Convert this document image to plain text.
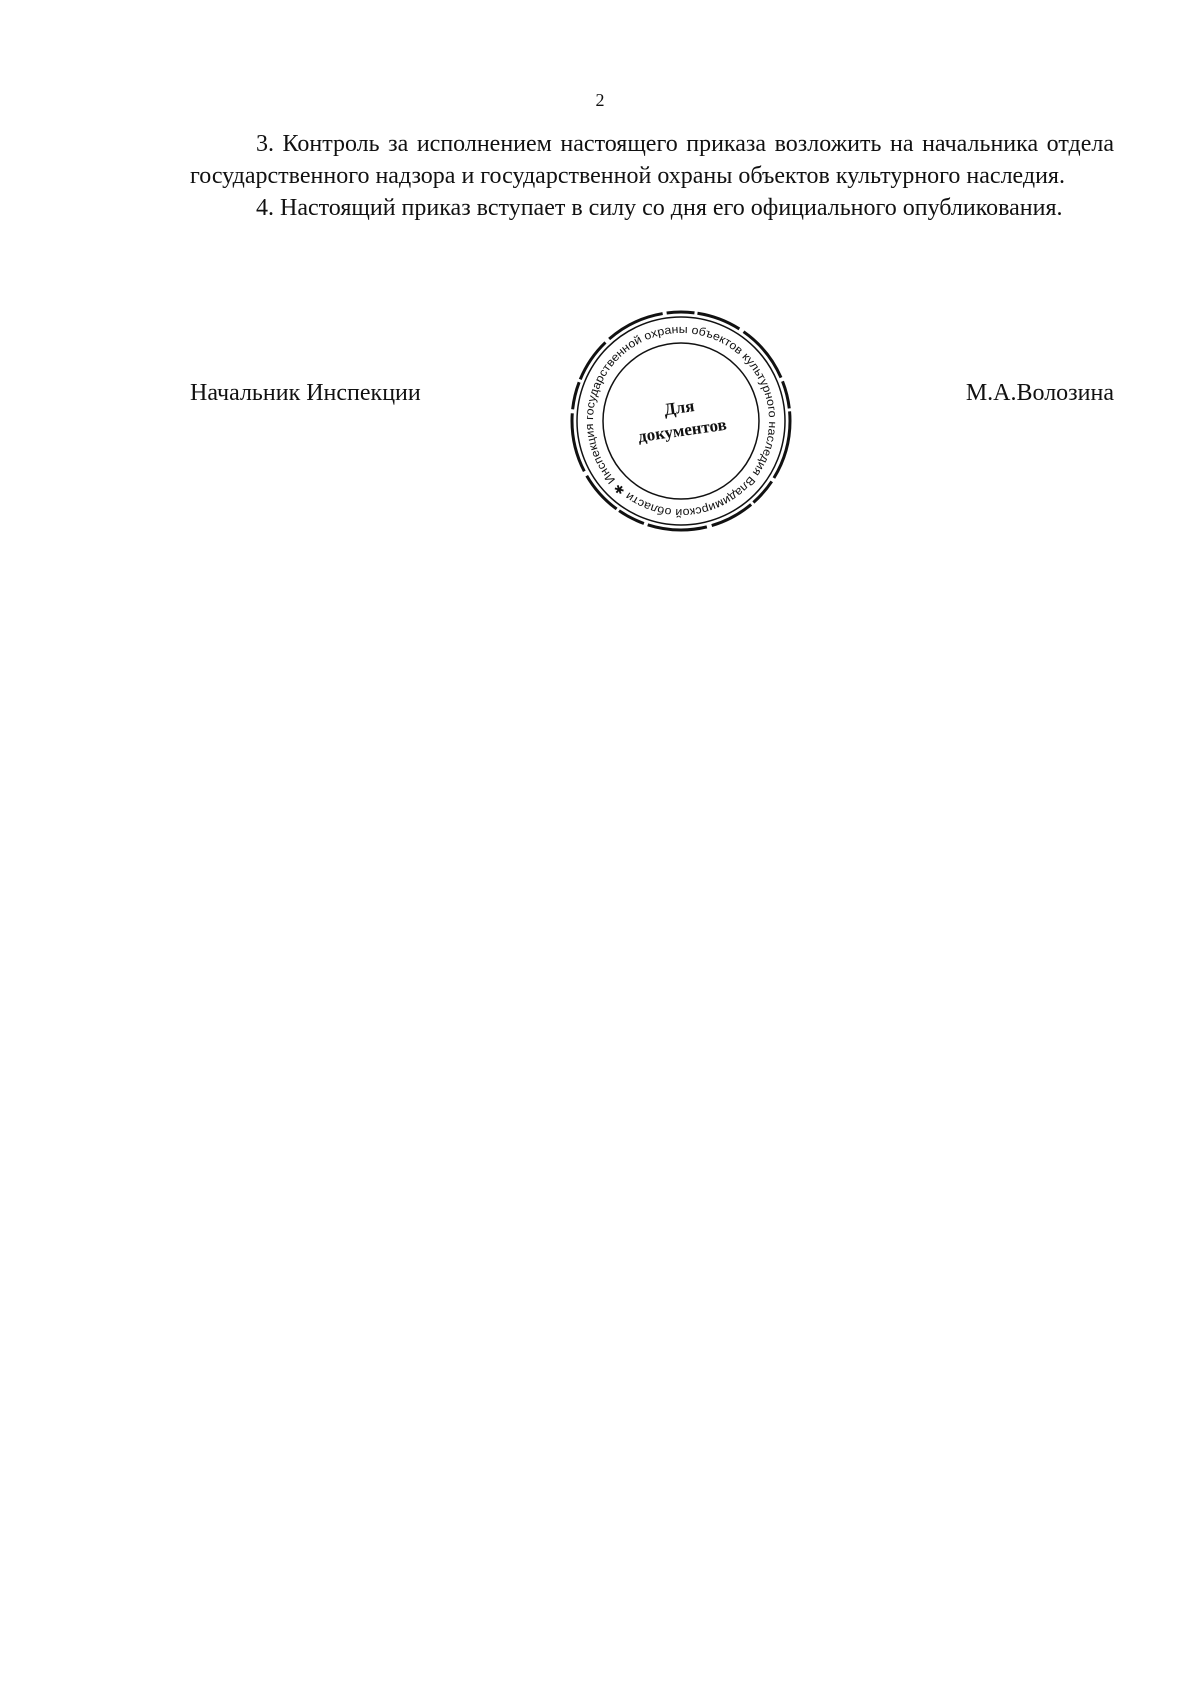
2

3. Контроль за исполнением настоящего приказа возложить на начальника отдела государственного надзора и государственной охраны объектов культурного наследия.

4. Настоящий приказ вступает в силу со дня его официального опубликования.

Начальник Инспекции
Инспекция государственной охраны объектов культурного наследия Владимирской области ✱
Для
документов
М.А.Волозина
